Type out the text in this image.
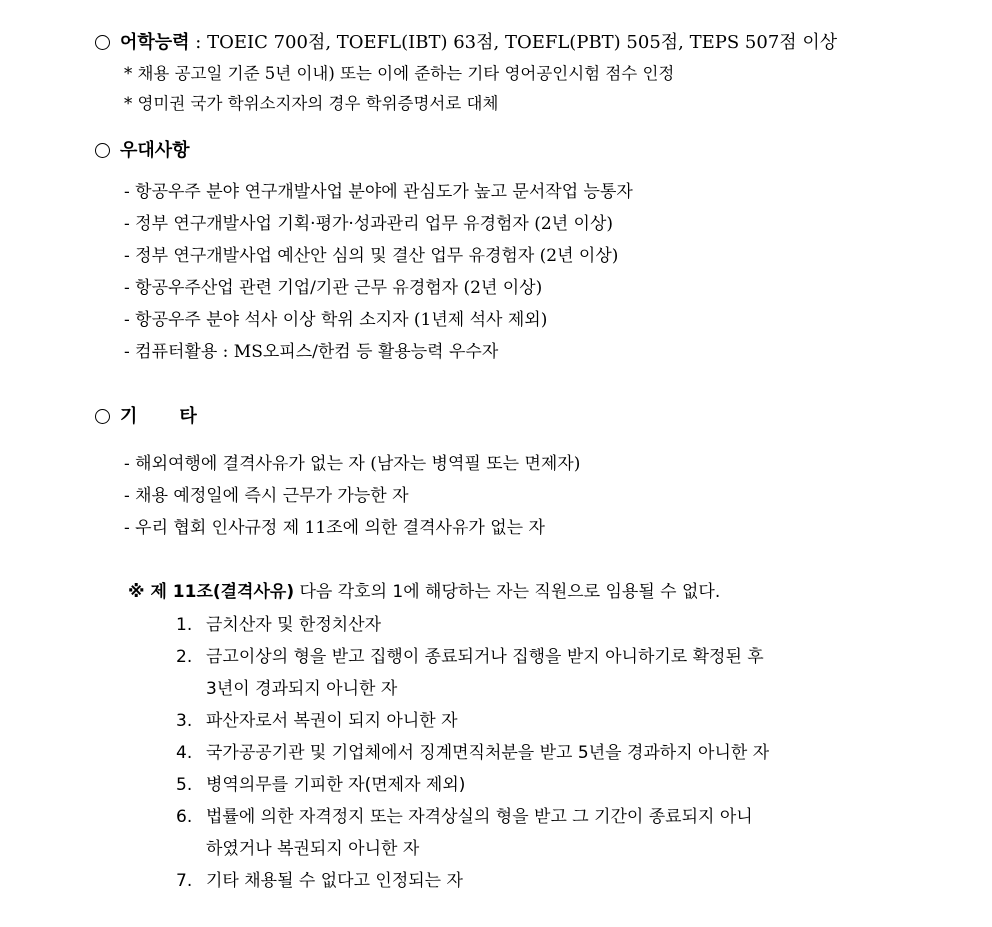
어학능력 : TOEIC 700점, TOEFL(IBT) 63점, TOEFL(PBT) 505점, TEPS 507점 이상
* 채용 공고일 기준 5년 이내) 또는 이에 준하는 기타 영어공인시험 점수 인정
* 영미권 국가 학위소지자의 경우 학위증명서로 대체
우대사항
- 항공우주 분야 연구개발사업 분야에 관심도가 높고 문서작업 능통자
- 정부 연구개발사업 기획·평가·성과관리 업무 유경험자 (2년 이상)
- 정부 연구개발사업 예산안 심의 및 결산 업무 유경험자 (2년 이상)
- 항공우주산업 관련 기업/기관 근무 유경험자 (2년 이상)
- 항공우주 분야 석사 이상 학위 소지자 (1년제 석사 제외)
- 컴퓨터활용 : MS오피스/한컴 등 활용능력 우수자
기 타
- 해외여행에 결격사유가 없는 자 (남자는 병역필 또는 면제자)
- 채용 예정일에 즉시 근무가 가능한 자
- 우리 협회 인사규정 제 11조에 의한 결격사유가 없는 자
※ 제 11조(결격사유) 다음 각호의 1에 해당하는 자는 직원으로 임용될 수 없다.
1. 금치산자 및 한정치산자
2. 금고이상의 형을 받고 집행이 종료되거나 집행을 받지 아니하기로 확정된 후
3년이 경과되지 아니한 자
3. 파산자로서 복권이 되지 아니한 자
4. 국가공공기관 및 기업체에서 징계면직처분을 받고 5년을 경과하지 아니한 자
5. 병역의무를 기피한 자(면제자 제외)
6. 법률에 의한 자격정지 또는 자격상실의 형을 받고 그 기간이 종료되지 아니
하였거나 복권되지 아니한 자
7. 기타 채용될 수 없다고 인정되는 자
